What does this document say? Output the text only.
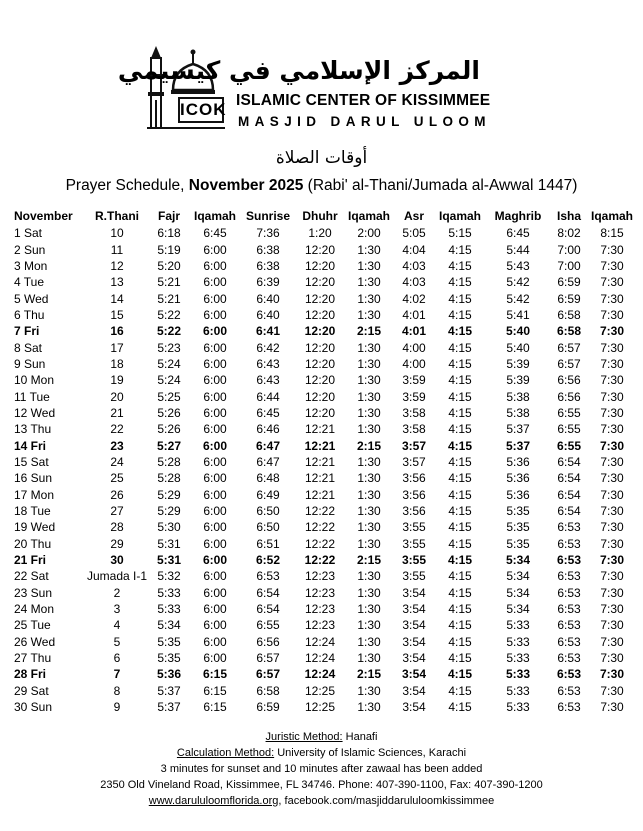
ICOK
المركز الإسلامي في كيسيمي
ISLAMIC CENTER OF KISSIMMEE
MASJID DARUL ULOOM
أوقات الصلاة
Prayer Schedule, November 2025 (Rabi' al-Thani/Jumada al-Awwal 1447)
November	R.Thani	Fajr	Iqamah	Sunrise	Dhuhr	Iqamah	Asr	Iqamah	Maghrib	Isha	Iqamah
1 Sat	10	6:18	6:45	7:36	1:20	2:00	5:05	5:15	6:45	8:02	8:15
2 Sun	11	5:19	6:00	6:38	12:20	1:30	4:04	4:15	5:44	7:00	7:30
3 Mon	12	5:20	6:00	6:38	12:20	1:30	4:03	4:15	5:43	7:00	7:30
4 Tue	13	5:21	6:00	6:39	12:20	1:30	4:03	4:15	5:42	6:59	7:30
5 Wed	14	5:21	6:00	6:40	12:20	1:30	4:02	4:15	5:42	6:59	7:30
6 Thu	15	5:22	6:00	6:40	12:20	1:30	4:01	4:15	5:41	6:58	7:30
7 Fri	16	5:22	6:00	6:41	12:20	2:15	4:01	4:15	5:40	6:58	7:30
8 Sat	17	5:23	6:00	6:42	12:20	1:30	4:00	4:15	5:40	6:57	7:30
9 Sun	18	5:24	6:00	6:43	12:20	1:30	4:00	4:15	5:39	6:57	7:30
10 Mon	19	5:24	6:00	6:43	12:20	1:30	3:59	4:15	5:39	6:56	7:30
11 Tue	20	5:25	6:00	6:44	12:20	1:30	3:59	4:15	5:38	6:56	7:30
12 Wed	21	5:26	6:00	6:45	12:20	1:30	3:58	4:15	5:38	6:55	7:30
13 Thu	22	5:26	6:00	6:46	12:21	1:30	3:58	4:15	5:37	6:55	7:30
14 Fri	23	5:27	6:00	6:47	12:21	2:15	3:57	4:15	5:37	6:55	7:30
15 Sat	24	5:28	6:00	6:47	12:21	1:30	3:57	4:15	5:36	6:54	7:30
16 Sun	25	5:28	6:00	6:48	12:21	1:30	3:56	4:15	5:36	6:54	7:30
17 Mon	26	5:29	6:00	6:49	12:21	1:30	3:56	4:15	5:36	6:54	7:30
18 Tue	27	5:29	6:00	6:50	12:22	1:30	3:56	4:15	5:35	6:54	7:30
19 Wed	28	5:30	6:00	6:50	12:22	1:30	3:55	4:15	5:35	6:53	7:30
20 Thu	29	5:31	6:00	6:51	12:22	1:30	3:55	4:15	5:35	6:53	7:30
21 Fri	30	5:31	6:00	6:52	12:22	2:15	3:55	4:15	5:34	6:53	7:30
22 Sat	Jumada I-1	5:32	6:00	6:53	12:23	1:30	3:55	4:15	5:34	6:53	7:30
23 Sun	2	5:33	6:00	6:54	12:23	1:30	3:54	4:15	5:34	6:53	7:30
24 Mon	3	5:33	6:00	6:54	12:23	1:30	3:54	4:15	5:34	6:53	7:30
25 Tue	4	5:34	6:00	6:55	12:23	1:30	3:54	4:15	5:33	6:53	7:30
26 Wed	5	5:35	6:00	6:56	12:24	1:30	3:54	4:15	5:33	6:53	7:30
27 Thu	6	5:35	6:00	6:57	12:24	1:30	3:54	4:15	5:33	6:53	7:30
28 Fri	7	5:36	6:15	6:57	12:24	2:15	3:54	4:15	5:33	6:53	7:30
29 Sat	8	5:37	6:15	6:58	12:25	1:30	3:54	4:15	5:33	6:53	7:30
30 Sun	9	5:37	6:15	6:59	12:25	1:30	3:54	4:15	5:33	6:53	7:30
Juristic Method: Hanafi
Calculation Method: University of Islamic Sciences, Karachi
3 minutes for sunset and 10 minutes after zawaal has been added
2350 Old Vineland Road, Kissimmee, FL 34746. Phone: 407-390-1100, Fax: 407-390-1200
www.darululoomflorida.org, facebook.com/masjiddarululoomkissimmee
